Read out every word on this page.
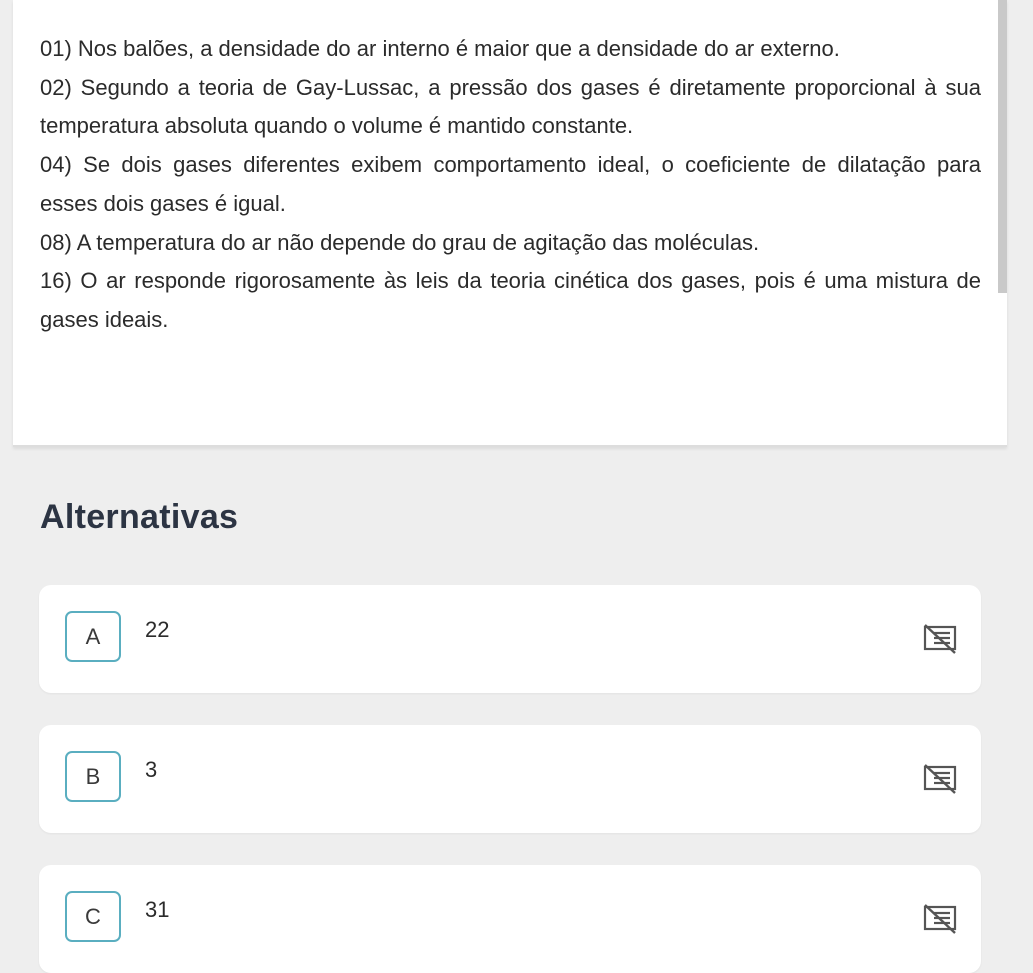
01) Nos balões, a densidade do ar interno é maior que a densidade do ar externo.

02) Segundo a teoria de Gay-Lussac, a pressão dos gases é diretamente proporcional à sua temperatura absoluta quando o volume é mantido constante.

04) Se dois gases diferentes exibem comportamento ideal, o coeficiente de dilatação para esses dois gases é igual.

08) A temperatura do ar não depende do grau de agitação das moléculas.

16) O ar responde rigorosamente às leis da teoria cinética dos gases, pois é uma mistura de gases ideais.

Alternativas
A	22
B	3
C	31
